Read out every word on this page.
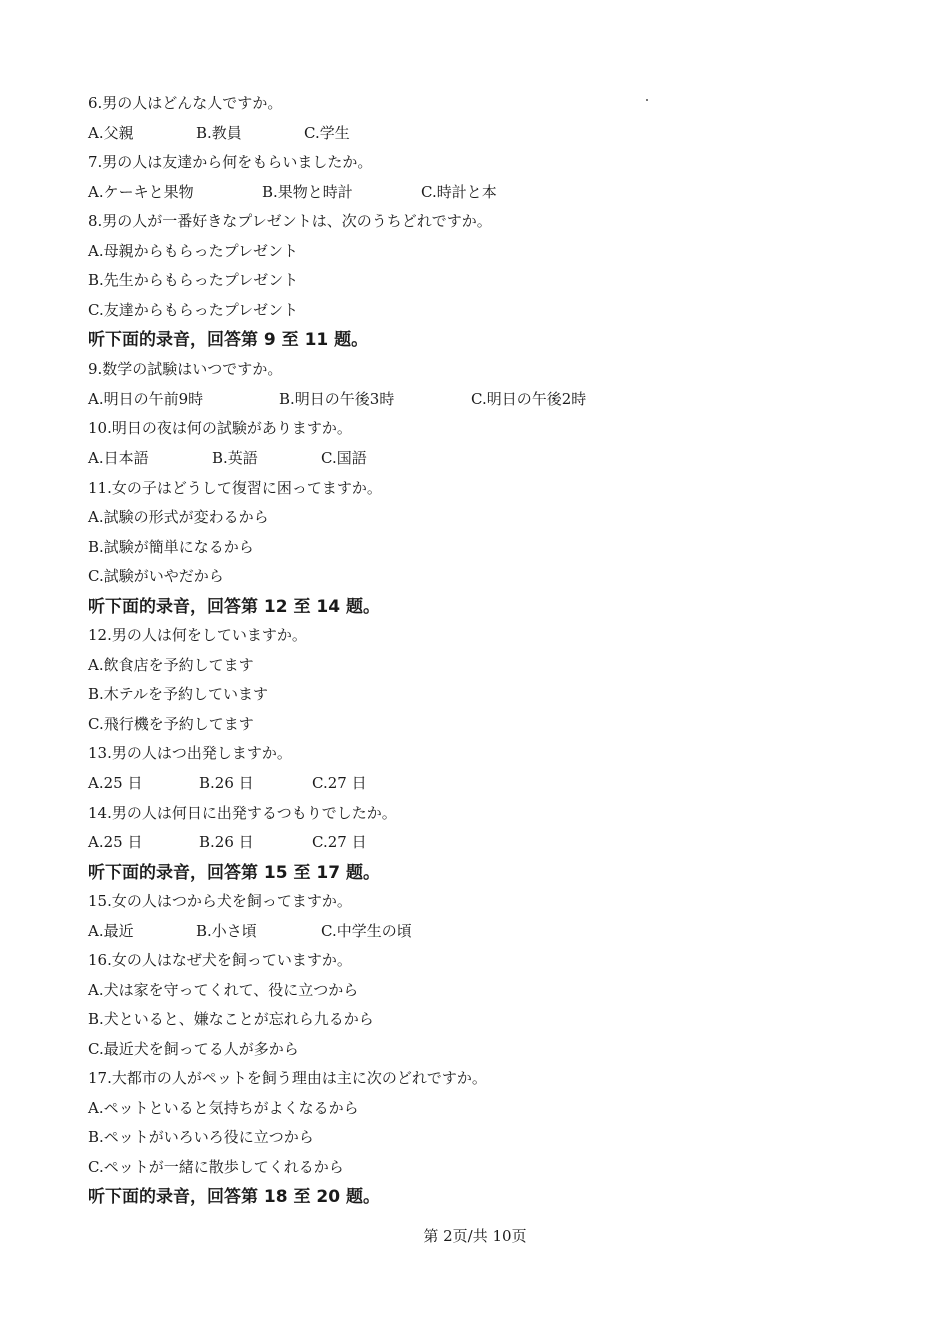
6.男の人はどんな人ですか。
A.父親	B.教員	C.学生
7.男の人は友達から何をもらいましたか。
A.ケーキと果物	B.果物と時計	C.時計と本
8.男の人が一番好きなプレゼントは、次のうちどれですか。
A.母親からもらったプレゼント
B.先生からもらったプレゼント
C.友達からもらったプレゼント
听下面的录音，回答第 9 至 11 题。
9.数学の試験はいつですか。
A.明日の午前9時	B.明日の午後3時	C.明日の午後2時
10.明日の夜は何の試験がありますか。
A.日本語	B.英語	C.国語
11.女の子はどうして復習に困ってますか。
A.試験の形式が変わるから
B.試験が簡単になるから
C.試験がいやだから
听下面的录音，回答第 12 至 14 题。
12.男の人は何をしていますか。
A.飲食店を予約してます
B.木テルを予約しています
C.飛行機を予約してます
13.男の人はつ出発しますか。
A.25 日	B.26 日	C.27 日
14.男の人は何日に出発するつもりでしたか。
A.25 日	B.26 日	C.27 日
听下面的录音，回答第 15 至 17 题。
15.女の人はつから犬を飼ってますか。
A.最近	B.小さ頃	C.中学生の頃
16.女の人はなぜ犬を飼っていますか。
A.犬は家を守ってくれて、役に立つから
B.犬といると、嫌なことが忘れら九るから
C.最近犬を飼ってる人が多から
17.大都市の人がペットを飼う理由は主に次のどれですか。
A.ペットといると気持ちがよくなるから
B.ペットがいろいろ役に立つから
C.ペットが一緒に散歩してくれるから
听下面的录音，回答第 18 至 20 题。
第 2页/共 10页
